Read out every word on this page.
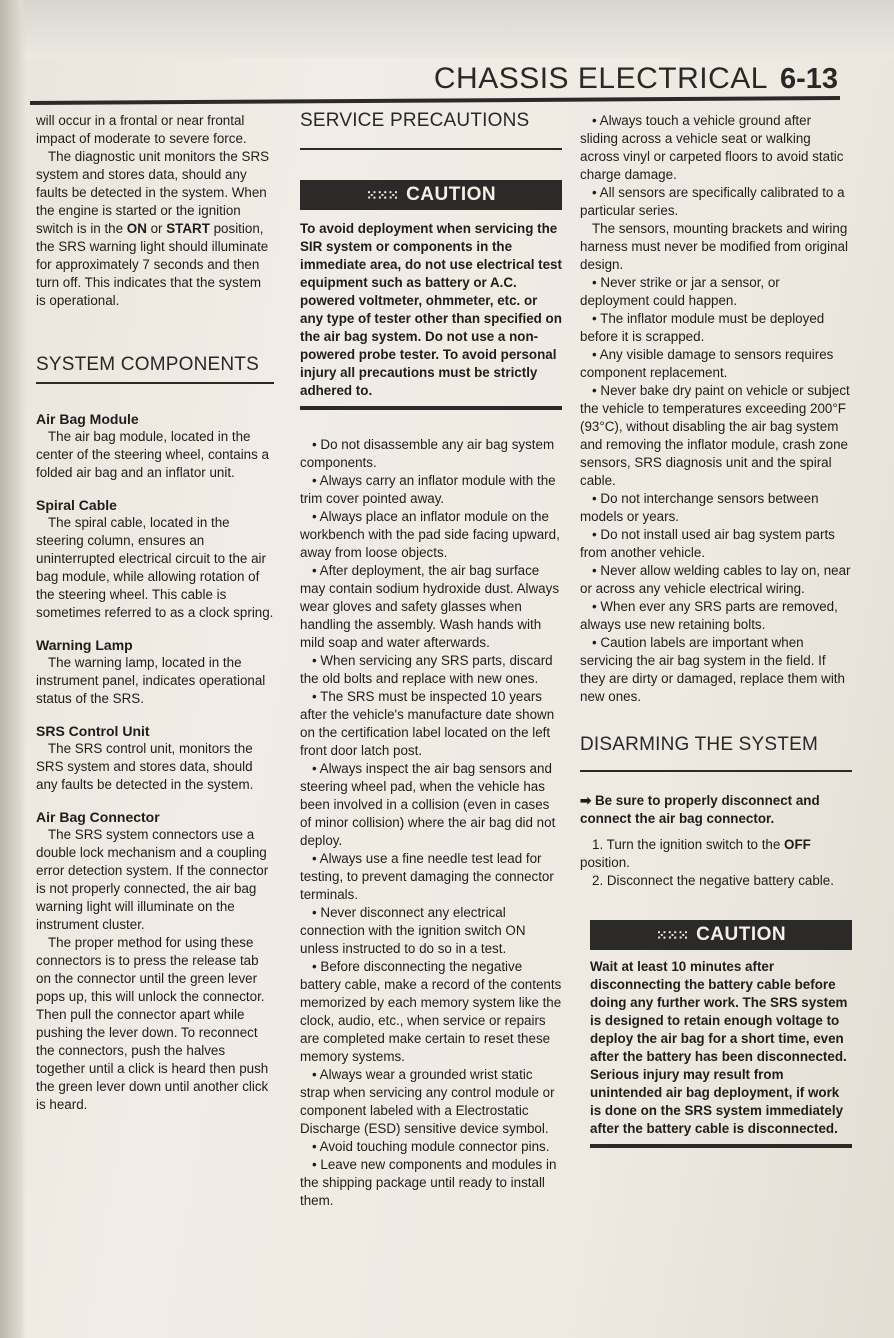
CHASSIS ELECTRICAL 6-13

will occur in a frontal or near frontal impact of moderate to severe force.

The diagnostic unit monitors the SRS system and stores data, should any faults be detected in the system. When the engine is started or the ignition switch is in the ON or START position, the SRS warning light should illuminate for approximately 7 seconds and then turn off. This indicates that the system is operational.

SYSTEM COMPONENTS

Air Bag Module

The air bag module, located in the center of the steering wheel, contains a folded air bag and an inflator unit.

Spiral Cable

The spiral cable, located in the steering column, ensures an uninterrupted electrical circuit to the air bag module, while allowing rotation of the steering wheel. This cable is sometimes referred to as a clock spring.

Warning Lamp

The warning lamp, located in the instrument panel, indicates operational status of the SRS.

SRS Control Unit

The SRS control unit, monitors the SRS system and stores data, should any faults be detected in the system.

Air Bag Connector

The SRS system connectors use a double lock mechanism and a coupling error detection system. If the connector is not properly connected, the air bag warning light will illuminate on the instrument cluster.

The proper method for using these connectors is to press the release tab on the connector until the green lever pops up, this will unlock the connector. Then pull the connector apart while pushing the lever down. To reconnect the connectors, push the halves together until a click is heard then push the green lever down until another click is heard.

SERVICE PRECAUTIONS
⁙⁙⁙ CAUTION

To avoid deployment when servicing the SIR system or components in the immediate area, do not use electrical test equipment such as battery or A.C. powered voltmeter, ohmmeter, etc. or any type of tester other than specified on the air bag system. Do not use a non-powered probe tester. To avoid personal injury all precautions must be strictly adhered to.

• Do not disassemble any air bag system components.

• Always carry an inflator module with the trim cover pointed away.

• Always place an inflator module on the workbench with the pad side facing upward, away from loose objects.

• After deployment, the air bag surface may contain sodium hydroxide dust. Always wear gloves and safety glasses when handling the assembly. Wash hands with mild soap and water afterwards.

• When servicing any SRS parts, discard the old bolts and replace with new ones.

• The SRS must be inspected 10 years after the vehicle's manufacture date shown on the certification label located on the left front door latch post.

• Always inspect the air bag sensors and steering wheel pad, when the vehicle has been involved in a collision (even in cases of minor collision) where the air bag did not deploy.

• Always use a fine needle test lead for testing, to prevent damaging the connector terminals.

• Never disconnect any electrical connection with the ignition switch ON unless instructed to do so in a test.

• Before disconnecting the negative battery cable, make a record of the contents memorized by each memory system like the clock, audio, etc., when service or repairs are completed make certain to reset these memory systems.

• Always wear a grounded wrist static strap when servicing any control module or component labeled with a Electrostatic Discharge (ESD) sensitive device symbol.

• Avoid touching module connector pins.

• Leave new components and modules in the shipping package until ready to install them.

• Always touch a vehicle ground after sliding across a vehicle seat or walking across vinyl or carpeted floors to avoid static charge damage.

• All sensors are specifically calibrated to a particular series.

The sensors, mounting brackets and wiring harness must never be modified from original design.

• Never strike or jar a sensor, or deployment could happen.

• The inflator module must be deployed before it is scrapped.

• Any visible damage to sensors requires component replacement.

• Never bake dry paint on vehicle or subject the vehicle to temperatures exceeding 200°F (93°C), without disabling the air bag system and removing the inflator module, crash zone sensors, SRS diagnosis unit and the spiral cable.

• Do not interchange sensors between models or years.

• Do not install used air bag system parts from another vehicle.

• Never allow welding cables to lay on, near or across any vehicle electrical wiring.

• When ever any SRS parts are removed, always use new retaining bolts.

• Caution labels are important when servicing the air bag system in the field. If they are dirty or damaged, replace them with new ones.

DISARMING THE SYSTEM

➡ Be sure to properly disconnect and connect the air bag connector.

1. Turn the ignition switch to the OFF position.

2. Disconnect the negative battery cable.

⁙⁙⁙ CAUTION

Wait at least 10 minutes after disconnecting the battery cable before doing any further work. The SRS system is designed to retain enough voltage to deploy the air bag for a short time, even after the battery has been disconnected. Serious injury may result from unintended air bag deployment, if work is done on the SRS system immediately after the battery cable is disconnected.
